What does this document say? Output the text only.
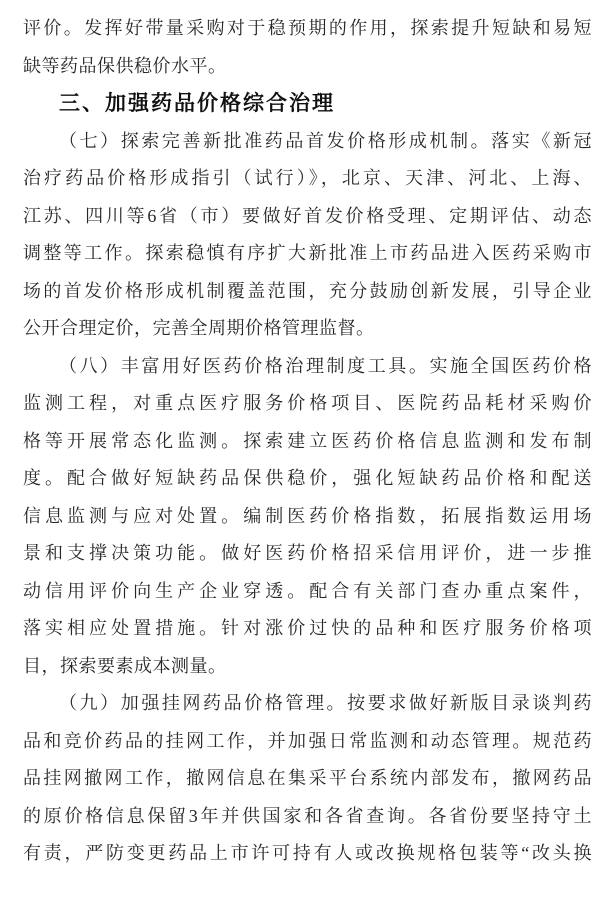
评价。发挥好带量采购对于稳预期的作用，探索提升短缺和易短
缺等药品保供稳价水平。
三、加强药品价格综合治理
（七）探索完善新批准药品首发价格形成机制。落实《新冠
治疗药品价格形成指引（试行）》，北京、天津、河北、上海、
江苏、四川等6省（市）要做好首发价格受理、定期评估、动态
调整等工作。探索稳慎有序扩大新批准上市药品进入医药采购市
场的首发价格形成机制覆盖范围，充分鼓励创新发展，引导企业
公开合理定价，完善全周期价格管理监督。
（八）丰富用好医药价格治理制度工具。实施全国医药价格
监测工程，对重点医疗服务价格项目、医院药品耗材采购价
格等开展常态化监测。探索建立医药价格信息监测和发布制
度。配合做好短缺药品保供稳价，强化短缺药品价格和配送
信息监测与应对处置。编制医药价格指数，拓展指数运用场
景和支撑决策功能。做好医药价格招采信用评价，进一步推
动信用评价向生产企业穿透。配合有关部门查办重点案件，
落实相应处置措施。针对涨价过快的品种和医疗服务价格项
目，探索要素成本测量。
（九）加强挂网药品价格管理。按要求做好新版目录谈判药
品和竞价药品的挂网工作，并加强日常监测和动态管理。规范药
品挂网撤网工作，撤网信息在集采平台系统内部发布，撤网药品
的原价格信息保留3年并供国家和各省查询。各省份要坚持守土
有责，严防变更药品上市许可持有人或改换规格包装等“改头换
